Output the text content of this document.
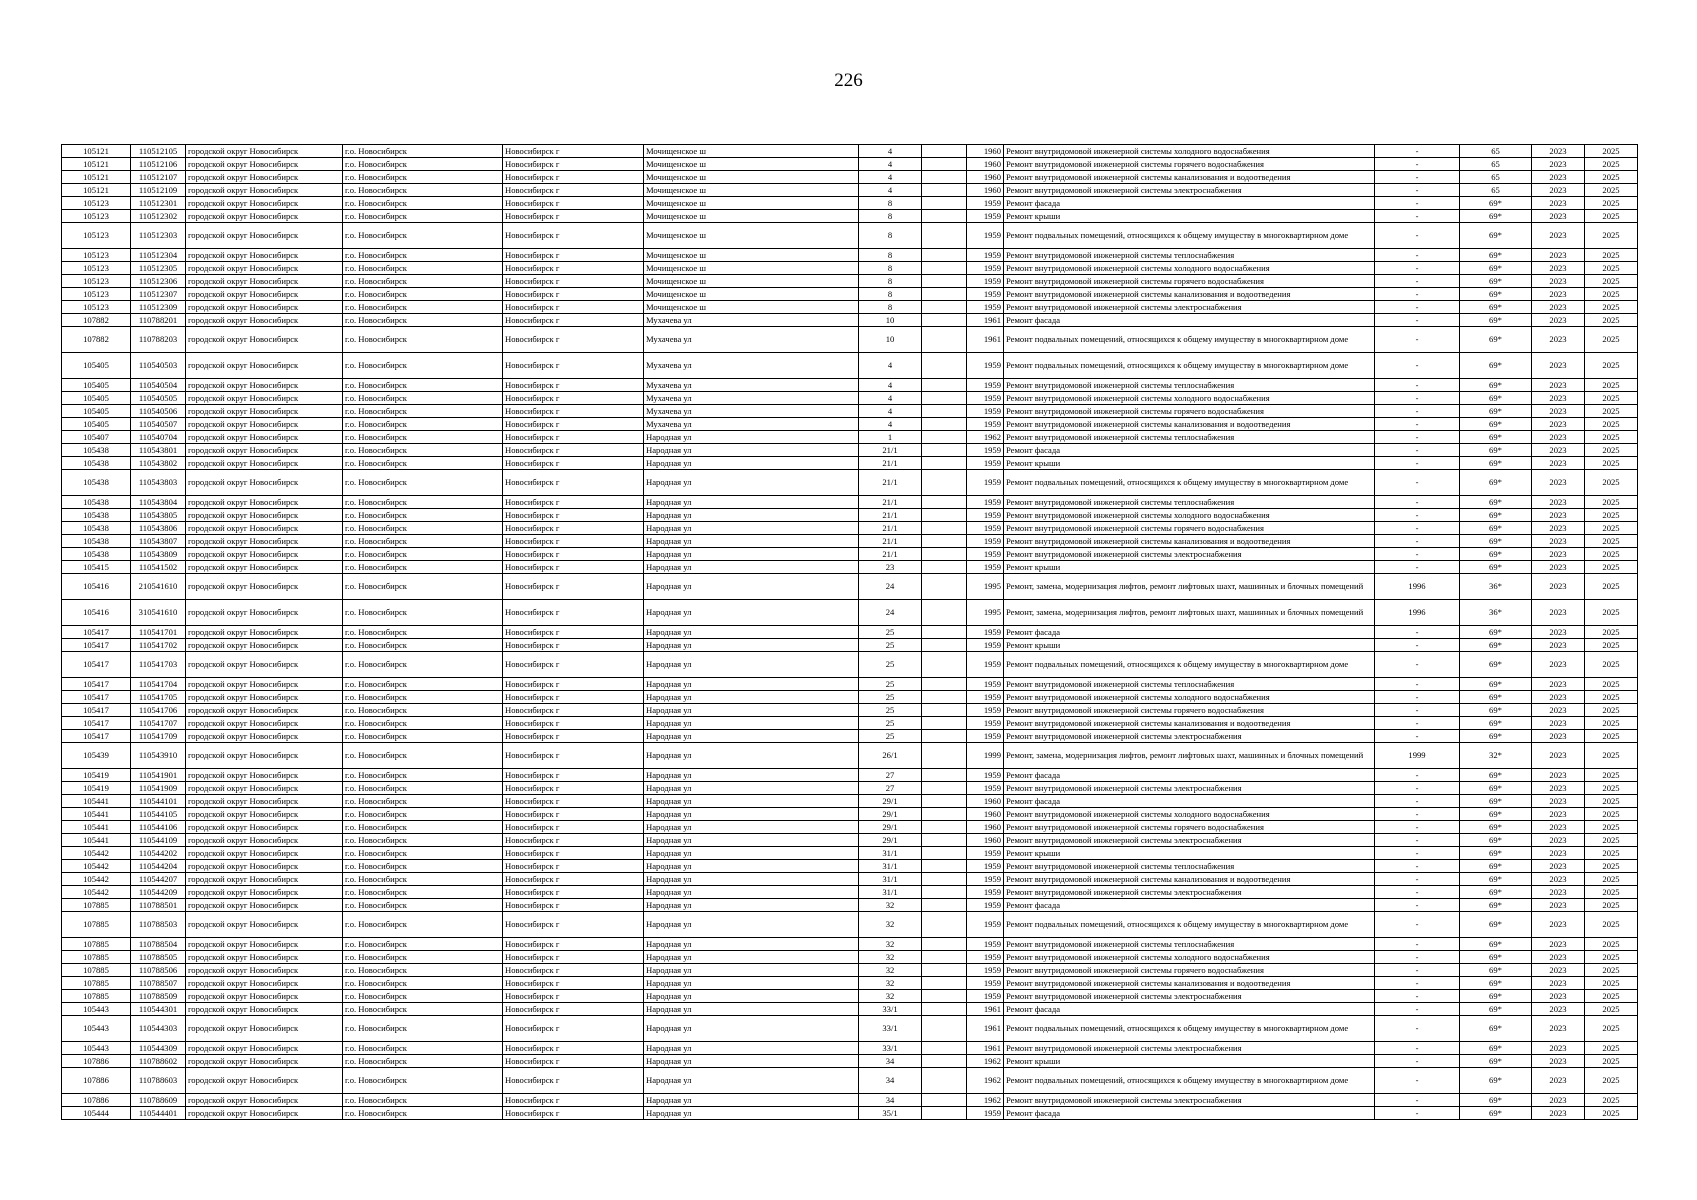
226
105121	110512105	городской округ Новосибирск	г.о. Новосибирск	Новосибирск г	Мочищенское ш	4		1960	Ремонт внутридомовой инженерной системы холодного водоснабжения	-	65	2023	2025
105121	110512106	городской округ Новосибирск	г.о. Новосибирск	Новосибирск г	Мочищенское ш	4		1960	Ремонт внутридомовой инженерной системы горячего водоснабжения	-	65	2023	2025
105121	110512107	городской округ Новосибирск	г.о. Новосибирск	Новосибирск г	Мочищенское ш	4		1960	Ремонт внутридомовой инженерной системы канализования и водоотведения	-	65	2023	2025
105121	110512109	городской округ Новосибирск	г.о. Новосибирск	Новосибирск г	Мочищенское ш	4		1960	Ремонт внутридомовой инженерной системы электроснабжения	-	65	2023	2025
105123	110512301	городской округ Новосибирск	г.о. Новосибирск	Новосибирск г	Мочищенское ш	8		1959	Ремонт фасада	-	69*	2023	2025
105123	110512302	городской округ Новосибирск	г.о. Новосибирск	Новосибирск г	Мочищенское ш	8		1959	Ремонт крыши	-	69*	2023	2025
105123	110512303	городской округ Новосибирск	г.о. Новосибирск	Новосибирск г	Мочищенское ш	8		1959	Ремонт подвальных помещений, относящихся к общему имуществу в многоквартирном доме	-	69*	2023	2025
105123	110512304	городской округ Новосибирск	г.о. Новосибирск	Новосибирск г	Мочищенское ш	8		1959	Ремонт внутридомовой инженерной системы теплоснабжения	-	69*	2023	2025
105123	110512305	городской округ Новосибирск	г.о. Новосибирск	Новосибирск г	Мочищенское ш	8		1959	Ремонт внутридомовой инженерной системы холодного водоснабжения	-	69*	2023	2025
105123	110512306	городской округ Новосибирск	г.о. Новосибирск	Новосибирск г	Мочищенское ш	8		1959	Ремонт внутридомовой инженерной системы горячего водоснабжения	-	69*	2023	2025
105123	110512307	городской округ Новосибирск	г.о. Новосибирск	Новосибирск г	Мочищенское ш	8		1959	Ремонт внутридомовой инженерной системы канализования и водоотведения	-	69*	2023	2025
105123	110512309	городской округ Новосибирск	г.о. Новосибирск	Новосибирск г	Мочищенское ш	8		1959	Ремонт внутридомовой инженерной системы электроснабжения	-	69*	2023	2025
107882	110788201	городской округ Новосибирск	г.о. Новосибирск	Новосибирск г	Мухачева ул	10		1961	Ремонт фасада	-	69*	2023	2025
107882	110788203	городской округ Новосибирск	г.о. Новосибирск	Новосибирск г	Мухачева ул	10		1961	Ремонт подвальных помещений, относящихся к общему имуществу в многоквартирном доме	-	69*	2023	2025
105405	110540503	городской округ Новосибирск	г.о. Новосибирск	Новосибирск г	Мухачева ул	4		1959	Ремонт подвальных помещений, относящихся к общему имуществу в многоквартирном доме	-	69*	2023	2025
105405	110540504	городской округ Новосибирск	г.о. Новосибирск	Новосибирск г	Мухачева ул	4		1959	Ремонт внутридомовой инженерной системы теплоснабжения	-	69*	2023	2025
105405	110540505	городской округ Новосибирск	г.о. Новосибирск	Новосибирск г	Мухачева ул	4		1959	Ремонт внутридомовой инженерной системы холодного водоснабжения	-	69*	2023	2025
105405	110540506	городской округ Новосибирск	г.о. Новосибирск	Новосибирск г	Мухачева ул	4		1959	Ремонт внутридомовой инженерной системы горячего водоснабжения	-	69*	2023	2025
105405	110540507	городской округ Новосибирск	г.о. Новосибирск	Новосибирск г	Мухачева ул	4		1959	Ремонт внутридомовой инженерной системы канализования и водоотведения	-	69*	2023	2025
105407	110540704	городской округ Новосибирск	г.о. Новосибирск	Новосибирск г	Народная ул	1		1962	Ремонт внутридомовой инженерной системы теплоснабжения	-	69*	2023	2025
105438	110543801	городской округ Новосибирск	г.о. Новосибирск	Новосибирск г	Народная ул	21/1		1959	Ремонт фасада	-	69*	2023	2025
105438	110543802	городской округ Новосибирск	г.о. Новосибирск	Новосибирск г	Народная ул	21/1		1959	Ремонт крыши	-	69*	2023	2025
105438	110543803	городской округ Новосибирск	г.о. Новосибирск	Новосибирск г	Народная ул	21/1		1959	Ремонт подвальных помещений, относящихся к общему имуществу в многоквартирном доме	-	69*	2023	2025
105438	110543804	городской округ Новосибирск	г.о. Новосибирск	Новосибирск г	Народная ул	21/1		1959	Ремонт внутридомовой инженерной системы теплоснабжения	-	69*	2023	2025
105438	110543805	городской округ Новосибирск	г.о. Новосибирск	Новосибирск г	Народная ул	21/1		1959	Ремонт внутридомовой инженерной системы холодного водоснабжения	-	69*	2023	2025
105438	110543806	городской округ Новосибирск	г.о. Новосибирск	Новосибирск г	Народная ул	21/1		1959	Ремонт внутридомовой инженерной системы горячего водоснабжения	-	69*	2023	2025
105438	110543807	городской округ Новосибирск	г.о. Новосибирск	Новосибирск г	Народная ул	21/1		1959	Ремонт внутридомовой инженерной системы канализования и водоотведения	-	69*	2023	2025
105438	110543809	городской округ Новосибирск	г.о. Новосибирск	Новосибирск г	Народная ул	21/1		1959	Ремонт внутридомовой инженерной системы электроснабжения	-	69*	2023	2025
105415	110541502	городской округ Новосибирск	г.о. Новосибирск	Новосибирск г	Народная ул	23		1959	Ремонт крыши	-	69*	2023	2025
105416	210541610	городской округ Новосибирск	г.о. Новосибирск	Новосибирск г	Народная ул	24		1995	Ремонт, замена, модернизация лифтов, ремонт лифтовых шахт, машинных и блочных помещений	1996	36*	2023	2025
105416	310541610	городской округ Новосибирск	г.о. Новосибирск	Новосибирск г	Народная ул	24		1995	Ремонт, замена, модернизация лифтов, ремонт лифтовых шахт, машинных и блочных помещений	1996	36*	2023	2025
105417	110541701	городской округ Новосибирск	г.о. Новосибирск	Новосибирск г	Народная ул	25		1959	Ремонт фасада	-	69*	2023	2025
105417	110541702	городской округ Новосибирск	г.о. Новосибирск	Новосибирск г	Народная ул	25		1959	Ремонт крыши	-	69*	2023	2025
105417	110541703	городской округ Новосибирск	г.о. Новосибирск	Новосибирск г	Народная ул	25		1959	Ремонт подвальных помещений, относящихся к общему имуществу в многоквартирном доме	-	69*	2023	2025
105417	110541704	городской округ Новосибирск	г.о. Новосибирск	Новосибирск г	Народная ул	25		1959	Ремонт внутридомовой инженерной системы теплоснабжения	-	69*	2023	2025
105417	110541705	городской округ Новосибирск	г.о. Новосибирск	Новосибирск г	Народная ул	25		1959	Ремонт внутридомовой инженерной системы холодного водоснабжения	-	69*	2023	2025
105417	110541706	городской округ Новосибирск	г.о. Новосибирск	Новосибирск г	Народная ул	25		1959	Ремонт внутридомовой инженерной системы горячего водоснабжения	-	69*	2023	2025
105417	110541707	городской округ Новосибирск	г.о. Новосибирск	Новосибирск г	Народная ул	25		1959	Ремонт внутридомовой инженерной системы канализования и водоотведения	-	69*	2023	2025
105417	110541709	городской округ Новосибирск	г.о. Новосибирск	Новосибирск г	Народная ул	25		1959	Ремонт внутридомовой инженерной системы электроснабжения	-	69*	2023	2025
105439	110543910	городской округ Новосибирск	г.о. Новосибирск	Новосибирск г	Народная ул	26/1		1999	Ремонт, замена, модернизация лифтов, ремонт лифтовых шахт, машинных и блочных помещений	1999	32*	2023	2025
105419	110541901	городской округ Новосибирск	г.о. Новосибирск	Новосибирск г	Народная ул	27		1959	Ремонт фасада	-	69*	2023	2025
105419	110541909	городской округ Новосибирск	г.о. Новосибирск	Новосибирск г	Народная ул	27		1959	Ремонт внутридомовой инженерной системы электроснабжения	-	69*	2023	2025
105441	110544101	городской округ Новосибирск	г.о. Новосибирск	Новосибирск г	Народная ул	29/1		1960	Ремонт фасада	-	69*	2023	2025
105441	110544105	городской округ Новосибирск	г.о. Новосибирск	Новосибирск г	Народная ул	29/1		1960	Ремонт внутридомовой инженерной системы холодного водоснабжения	-	69*	2023	2025
105441	110544106	городской округ Новосибирск	г.о. Новосибирск	Новосибирск г	Народная ул	29/1		1960	Ремонт внутридомовой инженерной системы горячего водоснабжения	-	69*	2023	2025
105441	110544109	городской округ Новосибирск	г.о. Новосибирск	Новосибирск г	Народная ул	29/1		1960	Ремонт внутридомовой инженерной системы электроснабжения	-	69*	2023	2025
105442	110544202	городской округ Новосибирск	г.о. Новосибирск	Новосибирск г	Народная ул	31/1		1959	Ремонт крыши	-	69*	2023	2025
105442	110544204	городской округ Новосибирск	г.о. Новосибирск	Новосибирск г	Народная ул	31/1		1959	Ремонт внутридомовой инженерной системы теплоснабжения	-	69*	2023	2025
105442	110544207	городской округ Новосибирск	г.о. Новосибирск	Новосибирск г	Народная ул	31/1		1959	Ремонт внутридомовой инженерной системы канализования и водоотведения	-	69*	2023	2025
105442	110544209	городской округ Новосибирск	г.о. Новосибирск	Новосибирск г	Народная ул	31/1		1959	Ремонт внутридомовой инженерной системы электроснабжения	-	69*	2023	2025
107885	110788501	городской округ Новосибирск	г.о. Новосибирск	Новосибирск г	Народная ул	32		1959	Ремонт фасада	-	69*	2023	2025
107885	110788503	городской округ Новосибирск	г.о. Новосибирск	Новосибирск г	Народная ул	32		1959	Ремонт подвальных помещений, относящихся к общему имуществу в многоквартирном доме	-	69*	2023	2025
107885	110788504	городской округ Новосибирск	г.о. Новосибирск	Новосибирск г	Народная ул	32		1959	Ремонт внутридомовой инженерной системы теплоснабжения	-	69*	2023	2025
107885	110788505	городской округ Новосибирск	г.о. Новосибирск	Новосибирск г	Народная ул	32		1959	Ремонт внутридомовой инженерной системы холодного водоснабжения	-	69*	2023	2025
107885	110788506	городской округ Новосибирск	г.о. Новосибирск	Новосибирск г	Народная ул	32		1959	Ремонт внутридомовой инженерной системы горячего водоснабжения	-	69*	2023	2025
107885	110788507	городской округ Новосибирск	г.о. Новосибирск	Новосибирск г	Народная ул	32		1959	Ремонт внутридомовой инженерной системы канализования и водоотведения	-	69*	2023	2025
107885	110788509	городской округ Новосибирск	г.о. Новосибирск	Новосибирск г	Народная ул	32		1959	Ремонт внутридомовой инженерной системы электроснабжения	-	69*	2023	2025
105443	110544301	городской округ Новосибирск	г.о. Новосибирск	Новосибирск г	Народная ул	33/1		1961	Ремонт фасада	-	69*	2023	2025
105443	110544303	городской округ Новосибирск	г.о. Новосибирск	Новосибирск г	Народная ул	33/1		1961	Ремонт подвальных помещений, относящихся к общему имуществу в многоквартирном доме	-	69*	2023	2025
105443	110544309	городской округ Новосибирск	г.о. Новосибирск	Новосибирск г	Народная ул	33/1		1961	Ремонт внутридомовой инженерной системы электроснабжения	-	69*	2023	2025
107886	110788602	городской округ Новосибирск	г.о. Новосибирск	Новосибирск г	Народная ул	34		1962	Ремонт крыши	-	69*	2023	2025
107886	110788603	городской округ Новосибирск	г.о. Новосибирск	Новосибирск г	Народная ул	34		1962	Ремонт подвальных помещений, относящихся к общему имуществу в многоквартирном доме	-	69*	2023	2025
107886	110788609	городской округ Новосибирск	г.о. Новосибирск	Новосибирск г	Народная ул	34		1962	Ремонт внутридомовой инженерной системы электроснабжения	-	69*	2023	2025
105444	110544401	городской округ Новосибирск	г.о. Новосибирск	Новосибирск г	Народная ул	35/1		1959	Ремонт фасада	-	69*	2023	2025
